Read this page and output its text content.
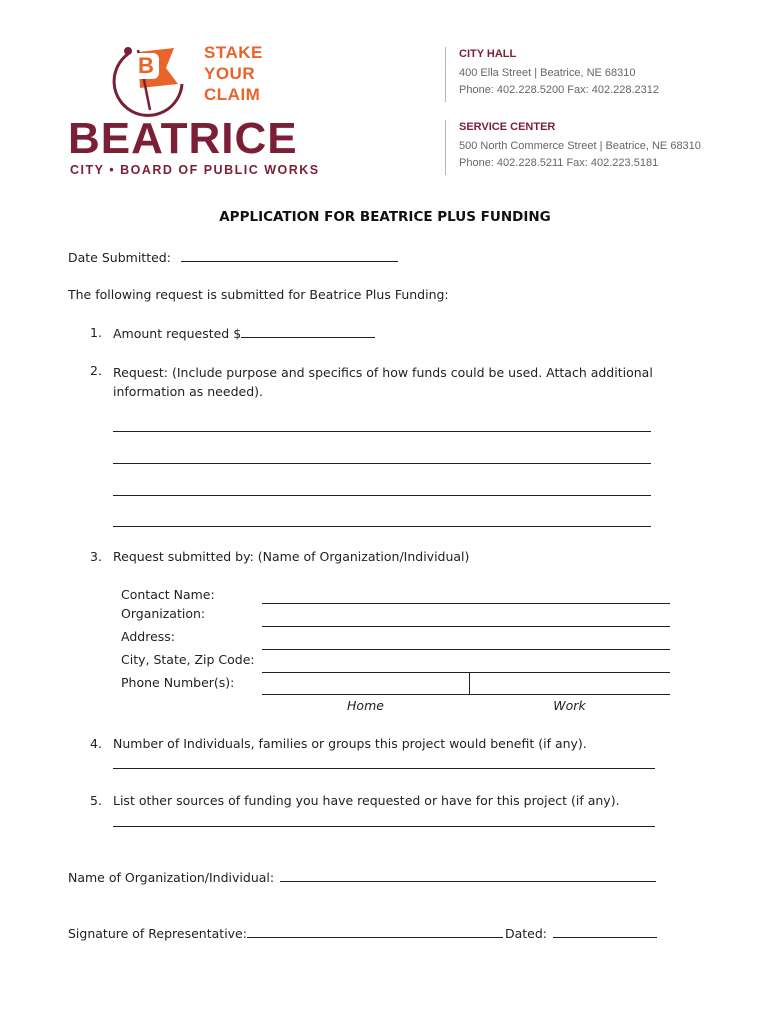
B
STAKE
YOUR
CLAIM
BEATRICE
CITY • BOARD OF PUBLIC WORKS
CITY HALL
400 Ella Street | Beatrice, NE 68310
Phone: 402.228.5200 Fax: 402.228.2312
SERVICE CENTER
500 North Commerce Street | Beatrice, NE 68310
Phone: 402.228.5211 Fax: 402.223.5181
APPLICATION FOR BEATRICE PLUS FUNDING
Date Submitted:
The following request is submitted for Beatrice Plus Funding:
1. Amount requested $
2. Request: (Include purpose and specifics of how funds could be used. Attach additional
information as needed).
3. Request submitted by: (Name of Organization/Individual)
Contact Name:
Organization:
Address:
City, State, Zip Code:
Phone Number(s):
Home	Work
4. Number of Individuals, families or groups this project would benefit (if any).
5. List other sources of funding you have requested or have for this project (if any).
Name of Organization/Individual:
Signature of Representative:	Dated:
